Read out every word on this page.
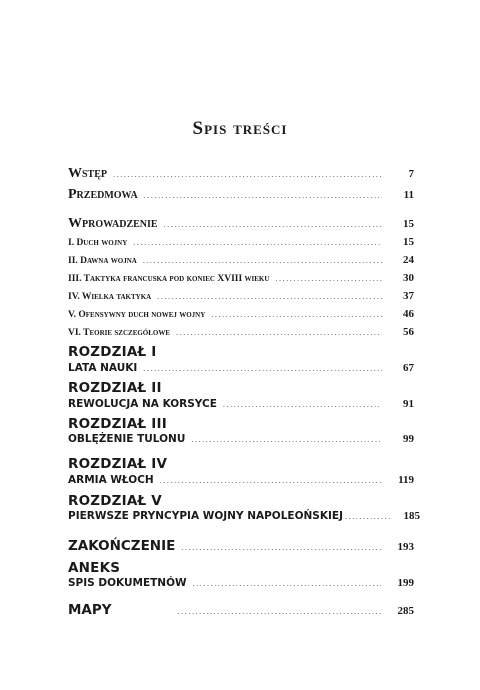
Spis treści
Wstęp .....	7
Przedmowa .....	11
Wprowadzenie .....	15
I. Duch wojny .....	15
II. Dawna wojna .....	24
III. Taktyka francuska pod koniec XVIII wieku .....	30
IV. Wielka taktyka .....	37
V. Ofensywny duch nowej wojny .....	46
VI. Teorie szczegółowe .....	56
ROZDZIAŁ I
LATA NAUKI .....	67
ROZDZIAŁ II
REWOLUCJA NA KORSYCE .....	91
ROZDZIAŁ III
OBLĘŻENIE TULONU .....	99
ROZDZIAŁ IV
ARMIA WŁOCH .....	119
ROZDZIAŁ V
PIERWSZE PRYNCYPIA WOJNY NAPOLEOŃSKIEJ .....	185
ZAKOŃCZENIE .....	193
ANEKS
SPIS DOKUMETNÓW .....	199
MAPY .....	285
